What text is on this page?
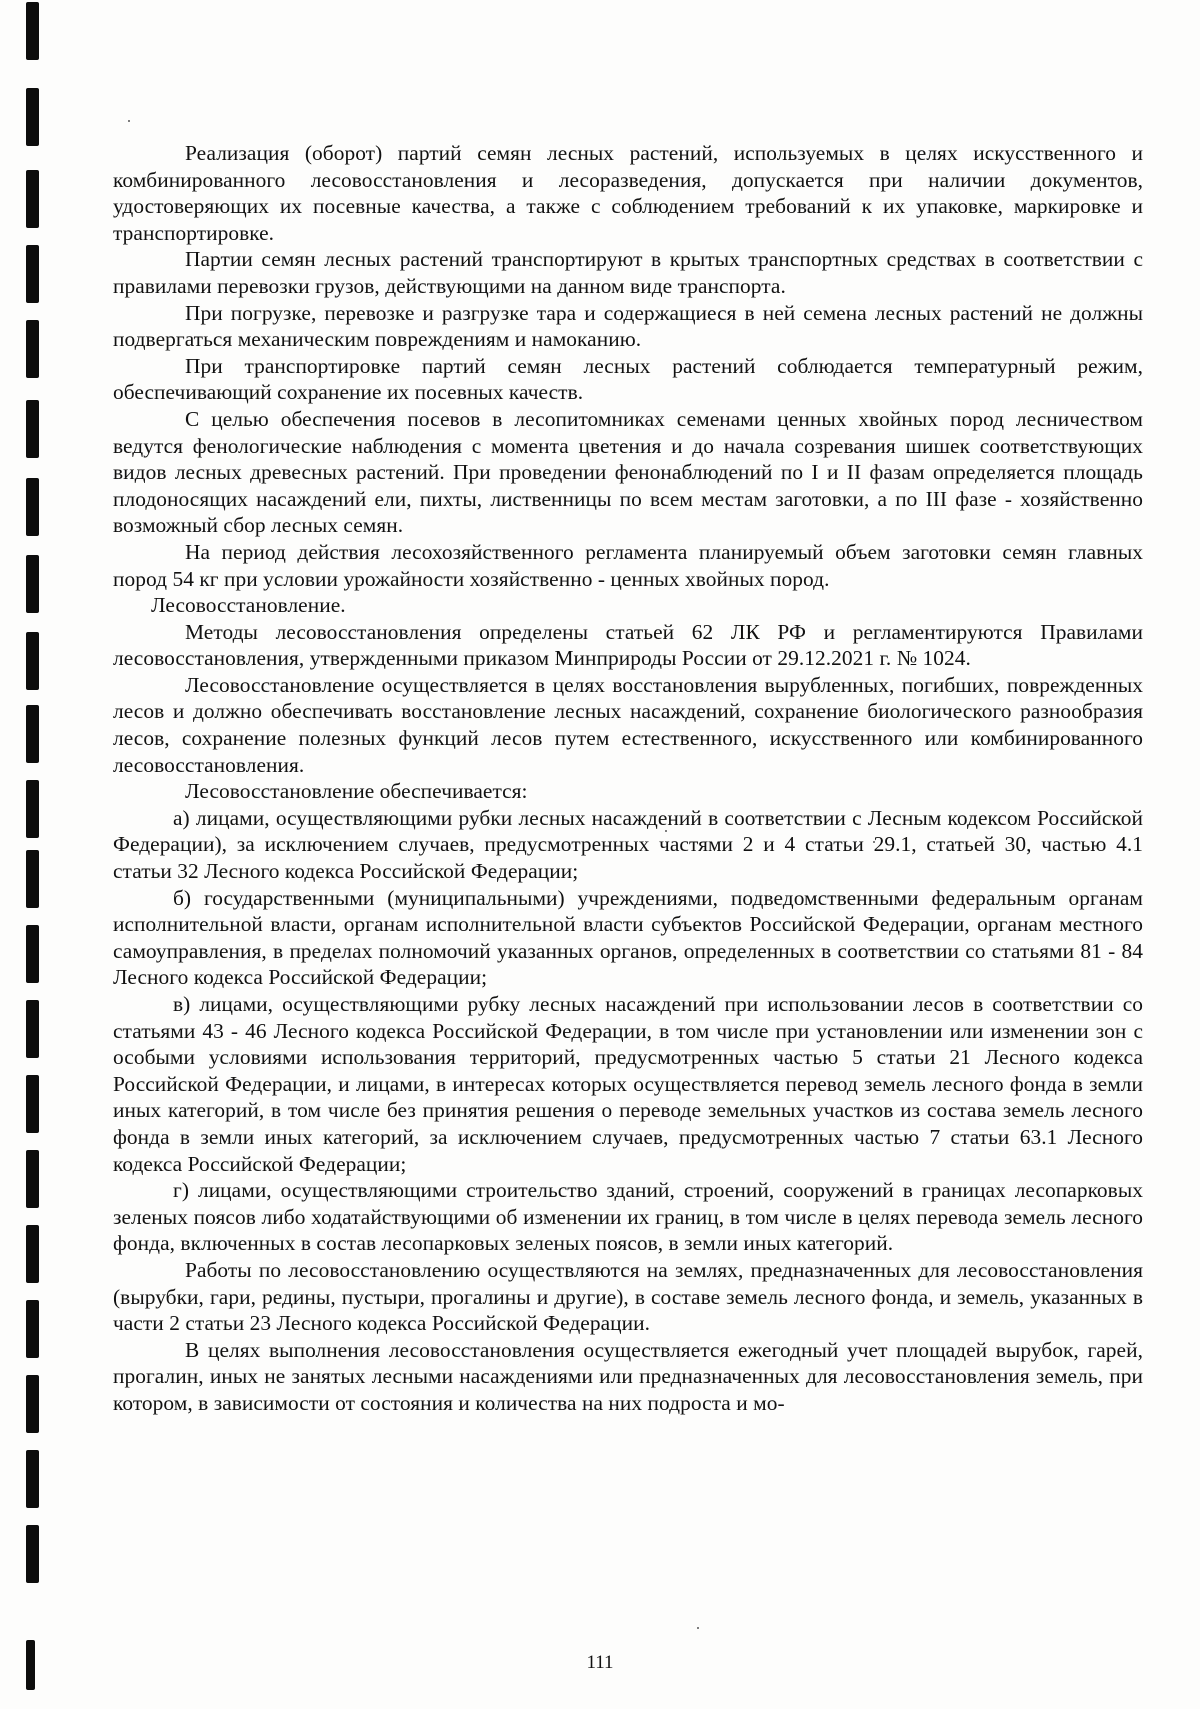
Реализация (оборот) партий семян лесных растений, используемых в целях искусственного и комбинированного лесовосстановления и лесоразведения, допускается при наличии документов, удостоверяющих их посевные качества, а также с соблюдением требований к их упаковке, маркировке и транспортировке.

Партии семян лесных растений транспортируют в крытых транспортных средствах в соответствии с правилами перевозки грузов, действующими на данном виде транспорта.

При погрузке, перевозке и разгрузке тара и содержащиеся в ней семена лесных растений не должны подвергаться механическим повреждениям и намоканию.

При транспортировке партий семян лесных растений соблюдается температурный режим, обеспечивающий сохранение их посевных качеств.

С целью обеспечения посевов в лесопитомниках семенами ценных хвойных пород лесничеством ведутся фенологические наблюдения с момента цветения и до начала созревания шишек соответствующих видов лесных древесных растений. При проведении фенонаблюдений по I и II фазам определяется площадь плодоносящих насаждений ели, пихты, лиственницы по всем местам заготовки, а по III фазе - хозяйственно возможный сбор лесных семян.

На период действия лесохозяйственного регламента планируемый объем заготовки семян главных пород 54 кг при условии урожайности хозяйственно - ценных хвойных пород.

Лесовосстановление.

Методы лесовосстановления определены статьей 62 ЛК РФ и регламентируются Правилами лесовосстановления, утвержденными приказом Минприроды России от 29.12.2021 г. № 1024.

Лесовосстановление осуществляется в целях восстановления вырубленных, погибших, поврежденных лесов и должно обеспечивать восстановление лесных насаждений, сохранение биологического разнообразия лесов, сохранение полезных функций лесов путем естественного, искусственного или комбинированного лесовосстановления.

Лесовосстановление обеспечивается:

а) лицами, осуществляющими рубки лесных насаждений в соответствии с Лесным кодексом Российской Федерации), за исключением случаев, предусмотренных частями 2 и 4 статьи 29.1, статьей 30, частью 4.1 статьи 32 Лесного кодекса Российской Федерации;

б) государственными (муниципальными) учреждениями, подведомственными федеральным органам исполнительной власти, органам исполнительной власти субъектов Российской Федерации, органам местного самоуправления, в пределах полномочий указанных органов, определенных в соответствии со статьями 81 - 84 Лесного кодекса Российской Федерации;

в) лицами, осуществляющими рубку лесных насаждений при использовании лесов в соответствии со статьями 43 - 46 Лесного кодекса Российской Федерации, в том числе при установлении или изменении зон с особыми условиями использования территорий, предусмотренных частью 5 статьи 21 Лесного кодекса Российской Федерации, и лицами, в интересах которых осуществляется перевод земель лесного фонда в земли иных категорий, в том числе без принятия решения о переводе земельных участков из состава земель лесного фонда в земли иных категорий, за исключением случаев, предусмотренных частью 7 статьи 63.1 Лесного кодекса Российской Федерации;

г) лицами, осуществляющими строительство зданий, строений, сооружений в границах лесопарковых зеленых поясов либо ходатайствующими об изменении их границ, в том числе в целях перевода земель лесного фонда, включенных в состав лесопарковых зеленых поясов, в земли иных категорий.

Работы по лесовосстановлению осуществляются на землях, предназначенных для лесовосстановления (вырубки, гари, редины, пустыри, прогалины и другие), в составе земель лесного фонда, и земель, указанных в части 2 статьи 23 Лесного кодекса Российской Федерации.

В целях выполнения лесовосстановления осуществляется ежегодный учет площадей вырубок, гарей, прогалин, иных не занятых лесными насаждениями или предназначенных для лесовосстановления земель, при котором, в зависимости от состояния и количества на них подроста и мо-

111
